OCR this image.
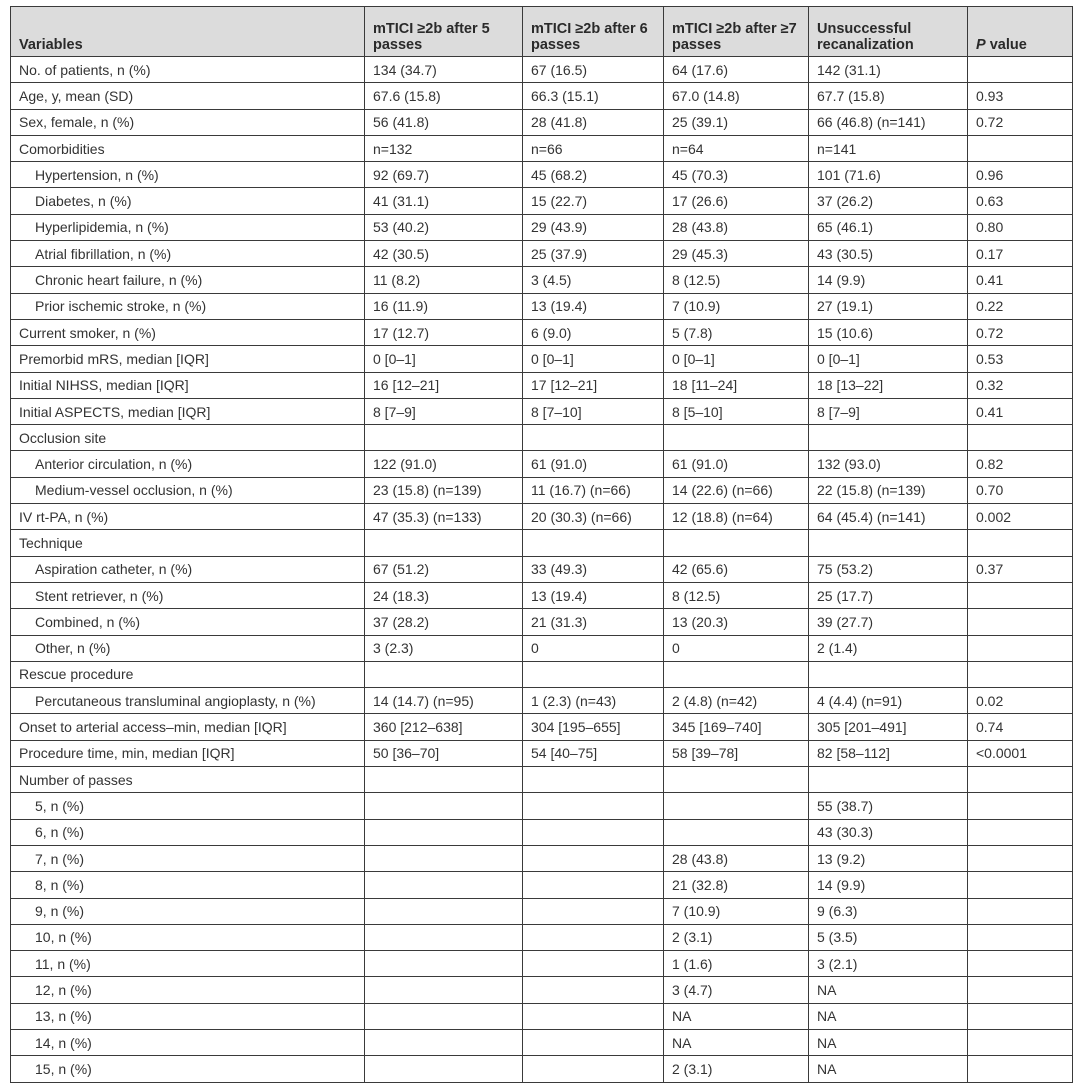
Variables	mTICI ≥2b after 5 passes	mTICI ≥2b after 6 passes	mTICI ≥2b after ≥7 passes	Unsuccessful recanalization	P value
No. of patients, n (%)	134 (34.7)	67 (16.5)	64 (17.6)	142 (31.1)	
Age, y, mean (SD)	67.6 (15.8)	66.3 (15.1)	67.0 (14.8)	67.7 (15.8)	0.93
Sex, female, n (%)	56 (41.8)	28 (41.8)	25 (39.1)	66 (46.8) (n=141)	0.72
Comorbidities	n=132	n=66	n=64	n=141	
Hypertension, n (%)	92 (69.7)	45 (68.2)	45 (70.3)	101 (71.6)	0.96
Diabetes, n (%)	41 (31.1)	15 (22.7)	17 (26.6)	37 (26.2)	0.63
Hyperlipidemia, n (%)	53 (40.2)	29 (43.9)	28 (43.8)	65 (46.1)	0.80
Atrial fibrillation, n (%)	42 (30.5)	25 (37.9)	29 (45.3)	43 (30.5)	0.17
Chronic heart failure, n (%)	11 (8.2)	3 (4.5)	8 (12.5)	14 (9.9)	0.41
Prior ischemic stroke, n (%)	16 (11.9)	13 (19.4)	7 (10.9)	27 (19.1)	0.22
Current smoker, n (%)	17 (12.7)	6 (9.0)	5 (7.8)	15 (10.6)	0.72
Premorbid mRS, median [IQR]	0 [0–1]	0 [0–1]	0 [0–1]	0 [0–1]	0.53
Initial NIHSS, median [IQR]	16 [12–21]	17 [12–21]	18 [11–24]	18 [13–22]	0.32
Initial ASPECTS, median [IQR]	8 [7–9]	8 [7–10]	8 [5–10]	8 [7–9]	0.41
Occlusion site					
Anterior circulation, n (%)	122 (91.0)	61 (91.0)	61 (91.0)	132 (93.0)	0.82
Medium-vessel occlusion, n (%)	23 (15.8) (n=139)	11 (16.7) (n=66)	14 (22.6) (n=66)	22 (15.8) (n=139)	0.70
IV rt-PA, n (%)	47 (35.3) (n=133)	20 (30.3) (n=66)	12 (18.8) (n=64)	64 (45.4) (n=141)	0.002
Technique					
Aspiration catheter, n (%)	67 (51.2)	33 (49.3)	42 (65.6)	75 (53.2)	0.37
Stent retriever, n (%)	24 (18.3)	13 (19.4)	8 (12.5)	25 (17.7)	
Combined, n (%)	37 (28.2)	21 (31.3)	13 (20.3)	39 (27.7)	
Other, n (%)	3 (2.3)	0	0	2 (1.4)	
Rescue procedure					
Percutaneous transluminal angioplasty, n (%)	14 (14.7) (n=95)	1 (2.3) (n=43)	2 (4.8) (n=42)	4 (4.4) (n=91)	0.02
Onset to arterial access–min, median [IQR]	360 [212–638]	304 [195–655]	345 [169–740]	305 [201–491]	0.74
Procedure time, min, median [IQR]	50 [36–70]	54 [40–75]	58 [39–78]	82 [58–112]	<0.0001
Number of passes					
5, n (%)				55 (38.7)	
6, n (%)				43 (30.3)	
7, n (%)			28 (43.8)	13 (9.2)	
8, n (%)			21 (32.8)	14 (9.9)	
9, n (%)			7 (10.9)	9 (6.3)	
10, n (%)			2 (3.1)	5 (3.5)	
11, n (%)			1 (1.6)	3 (2.1)	
12, n (%)			3 (4.7)	NA	
13, n (%)			NA	NA	
14, n (%)			NA	NA	
15, n (%)			2 (3.1)	NA	
